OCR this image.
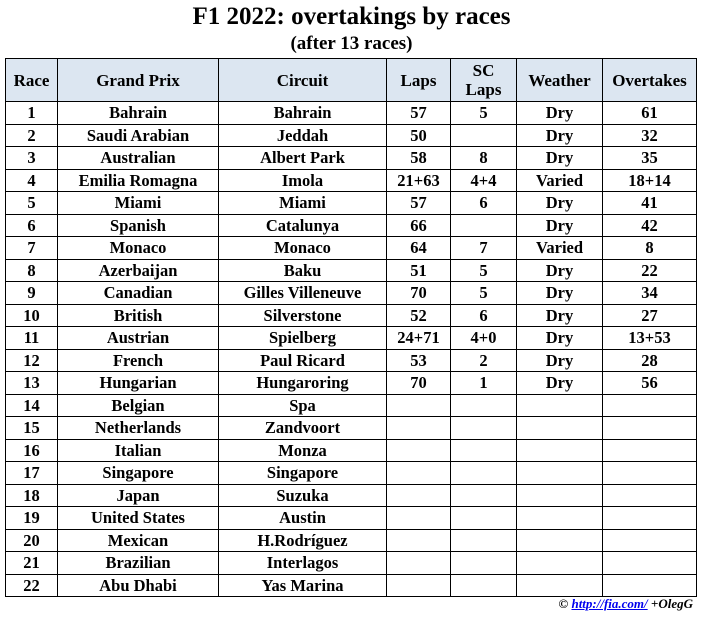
F1 2022: overtakings by races
(after 13 races)
Race	Grand Prix	Circuit	Laps	SC Laps	Weather	Overtakes
1	Bahrain	Bahrain	57	5	Dry	61
2	Saudi Arabian	Jeddah	50		Dry	32
3	Australian	Albert Park	58	8	Dry	35
4	Emilia Romagna	Imola	21+63	4+4	Varied	18+14
5	Miami	Miami	57	6	Dry	41
6	Spanish	Catalunya	66		Dry	42
7	Monaco	Monaco	64	7	Varied	8
8	Azerbaijan	Baku	51	5	Dry	22
9	Canadian	Gilles Villeneuve	70	5	Dry	34
10	British	Silverstone	52	6	Dry	27
11	Austrian	Spielberg	24+71	4+0	Dry	13+53
12	French	Paul Ricard	53	2	Dry	28
13	Hungarian	Hungaroring	70	1	Dry	56
14	Belgian	Spa				
15	Netherlands	Zandvoort				
16	Italian	Monza				
17	Singapore	Singapore				
18	Japan	Suzuka				
19	United States	Austin				
20	Mexican	H.Rodríguez				
21	Brazilian	Interlagos				
22	Abu Dhabi	Yas Marina				
© http://fia.com/ +OlegG
